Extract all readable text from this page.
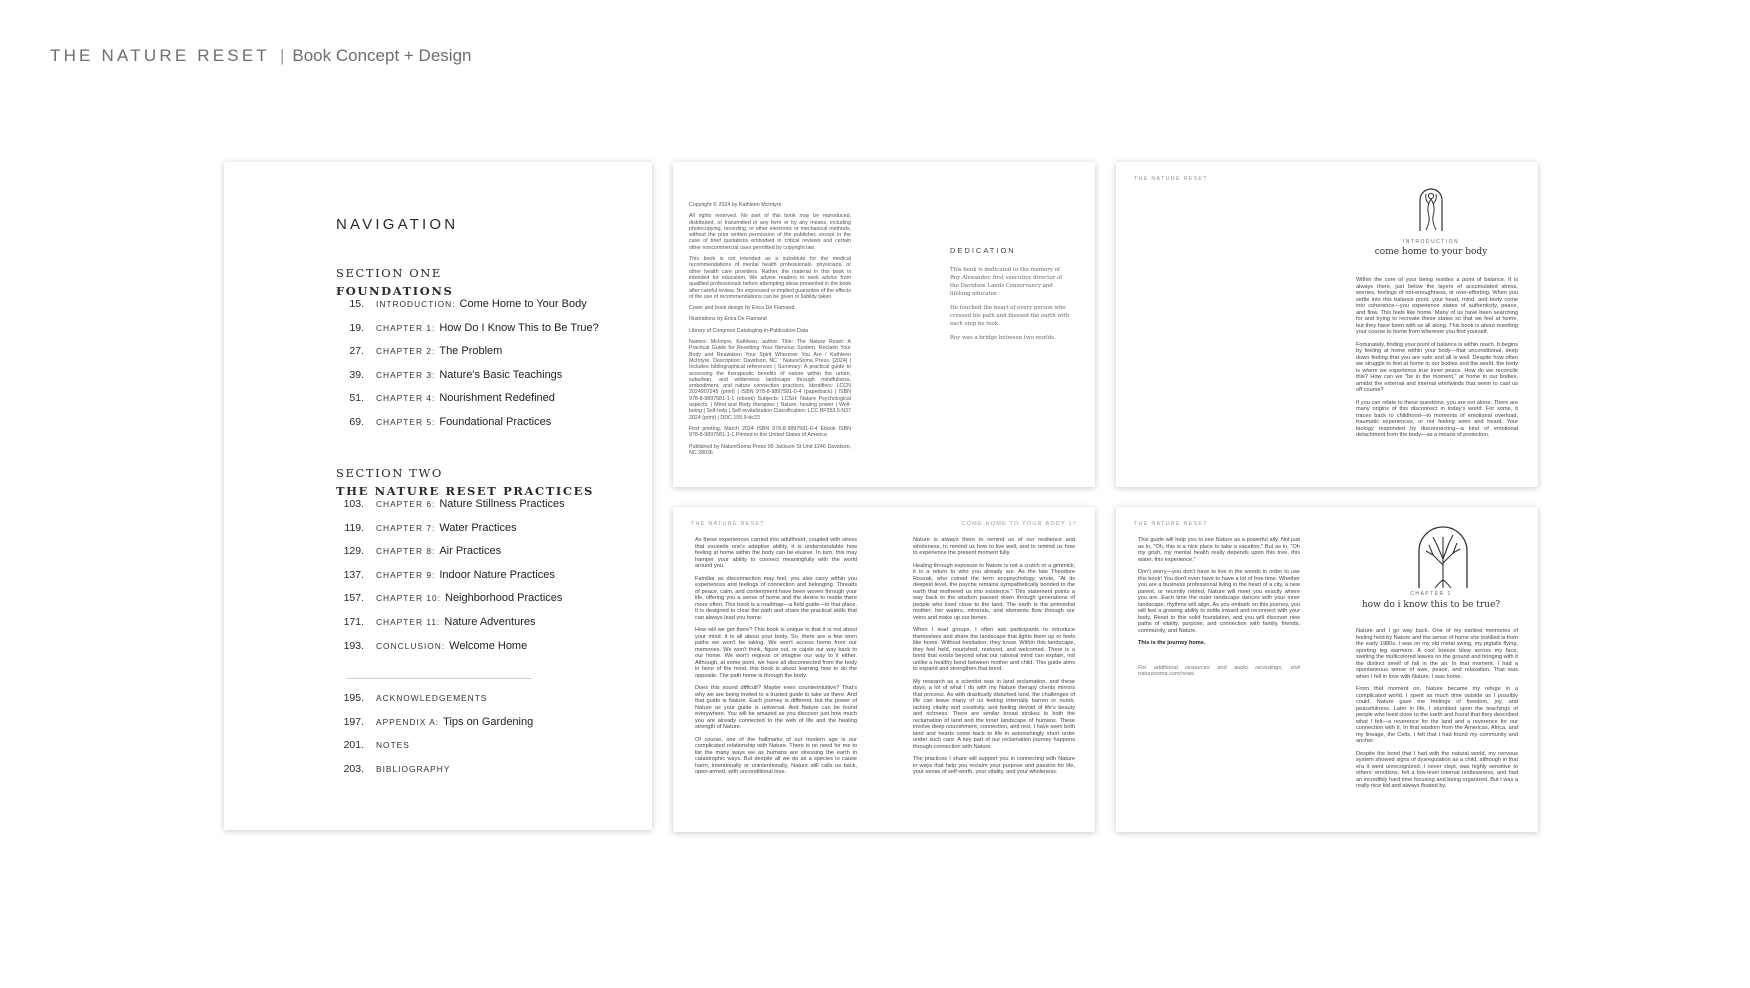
THE NATURE RESET | Book Concept + Design
NAVIGATION
SECTION ONE
FOUNDATIONS
15. INTRODUCTION: Come Home to Your Body
19. CHAPTER 1: How Do I Know This to Be True?
27. CHAPTER 2: The Problem
39. CHAPTER 3: Nature's Basic Teachings
51. CHAPTER 4: Nourishment Redefined
69. CHAPTER 5: Foundational Practices
SECTION TWO
THE NATURE RESET PRACTICES
103. CHAPTER 6: Nature Stillness Practices
119. CHAPTER 7: Water Practices
129. CHAPTER 8: Air Practices
137. CHAPTER 9: Indoor Nature Practices
157. CHAPTER 10: Neighborhood Practices
171. CHAPTER 11: Nature Adventures
193. CONCLUSION: Welcome Home
195. ACKNOWLEDGEMENTS
197. APPENDIX A: Tips on Gardening
201. NOTES
203. BIBLIOGRAPHY

Copyright © 2024 by Kathleen McIntyre

All rights reserved. No part of this book may be reproduced, distributed, or transmitted in any form or by any means, including photocopying, recording, or other electronic or mechanical methods, without the prior written permission of the publisher, except in the case of brief quotations embodied in critical reviews and certain other noncommercial uses permitted by copyright law.

This book is not intended as a substitute for the medical recommendations of mental health professionals, physicians, or other health care providers. Rather, the material in this book is intended for education. We advise readers to seek advice from qualified professionals before attempting ideas presented in the book after careful review. No expressed or implied guarantee of the effects of the use of recommendations can be given or liability taken.

Cover and book design by Erica De Flamand

Illustrations by Erica De Flamand

Library of Congress Cataloging-in-Publication Data

Names: McIntyre, Kathleen, author. Title: The Nature Reset: A Practical Guide for Resetting Your Nervous System. Reclaim Your Body and Reawaken Your Spirit Wherever You Are / Kathleen McIntyre. Description: Davidson, NC : NatureSoma Press, [2024] | Includes bibliographical references | Summary: A practical guide to accessing the therapeutic benefits of nature within the urban, suburban, and wilderness landscape through mindfulness, embodiment, and nature connection practices. Identifiers: LCCN 2024907245 (print) | ISBN 978-8-9897581-0-4 (paperback) | ISBN 978-8-9897581-1-1 (ebook) Subjects: LCSH: Nature Psychological aspects. | Mind and Body therapies | Nature, healing power | Well-being | Self-help | Self-revitalization Classification: LCC BF353.5.N37 2024 (print) | DDC 155.9-dc23

First printing, March 2024 ISBN 978-8-9897581-0-4 Ebook ISBN 978-8-9897581-1-1 Printed in the United States of America

Published by NatureSoma Press 99 Jackson St Unit 1246 Davidson, NC 28036

DEDICATION

This book is dedicated to the memory of Roy Alexander, first executive director of the Davidson Lands Conservancy and lifelong educator.

He touched the heart of every person who crossed his path and blessed the earth with each step he took.

Roy was a bridge between two worlds.

THE NATURE RESET
INTRODUCTION
come home to your body

Within the core of your being resides a point of balance. It is always there, just below the layers of accumulated stress, worries, feelings of not-enoughness, or over-efforting. When you settle into this balance point, your heart, mind, and body come into coherence—you experience states of authenticity, peace, and flow. This feels like home. Many of us have been searching for and trying to recreate these states so that we feel at home, but they have been with us all along. This book is about resetting your course to home from wherever you find yourself.

Fortunately, finding your point of balance is within reach. It begins by feeling at home within your body—that unconditional, deep down feeling that you are safe and all is well. Despite how often we struggle to feel at home in our bodies and the world, the body is where we experience true inner peace. How do we reconcile this? How can we "be in the moment," at home in our bodies, amidst the external and internal whirlwinds that seem to cast us off course?

If you can relate to these questions, you are not alone. There are many origins of this disconnect in today's world. For some, it traces back to childhood—to moments of emotional overload, traumatic experiences, or not feeling seen and heard. Your biology responded by disconnecting—a kind of emotional detachment from the body—as a means of protection.

THE NATURE RESET	COME HOME TO YOUR BODY 17

As these experiences carried into adulthood, coupled with stress that exceeds one's adaptive ability, it is understandable how feeling at home within the body can be elusive. In turn, this may hamper your ability to connect meaningfully with the world around you.

Familiar as disconnection may feel, you also carry within you experiences and feelings of connection and belonging. Threads of peace, calm, and contentment have been woven through your life, offering you a sense of home and the desire to reside there more often. This book is a roadmap—a field guide—to that place. It is designed to clear the path and share the practical skills that can always lead you home.

How will we get there? This book is unique in that it is not about your mind; it is all about your body. So, there are a few worn paths we won't be taking. We won't access home from our memories. We won't think, figure out, or cajole our way back to our home. We won't regress or imagine our way to it either. Although, at some point, we have all disconnected from the body in favor of the mind, this book is about learning how to do the opposite. The path home is through the body.

Does this sound difficult? Maybe even counterintuitive? That's why we are being invited to a trusted guide to take us there. And that guide is Nature. Each journey is different, but the power of Nature as your guide is universal. And Nature can be found everywhere. You will be amazed as you discover just how much you are already connected to the web of life and the healing strength of Nature.

Of course, one of the hallmarks of our modern age is our complicated relationship with Nature. There is no need for me to list the many ways we as humans are stressing the earth in catastrophic ways. But despite all we do as a species to cause harm, intentionally or unintentionally, Nature still calls us back, open-armed, with unconditional love.

Nature is always there to remind us of our resilience and wholeness, to remind us how to live well, and to remind us how to experience the present moment fully.

Healing through exposure to Nature is not a crutch or a gimmick; it is a return to who you already are. As the late Theodore Roszak, who coined the term ecopsychology, wrote, "At its deepest level, the psyche remains sympathetically bonded to the earth that mothered us into existence." This statement points a way back to the wisdom passed down through generations of people who lived close to the land. The earth is the primordial mother; her waters, minerals, and elements flow through our veins and make up our bones.

When I lead groups, I often ask participants to introduce themselves and share the landscape that lights them up or feels like home. Without hesitation, they know. Within this landscape, they feel held, nourished, restored, and welcomed. There is a bond that exists beyond what our rational mind can explain, not unlike a healthy bond between mother and child. This guide aims to expand and strengthen that bond.

My research as a scientist was in land reclamation, and these days, a lot of what I do with my Nature therapy clients mirrors that process. As with drastically disturbed land, the challenges of life can leave many of us feeling internally barren or numb, lacking vitality and creativity, and feeling devoid of life's beauty and richness. There are similar broad strokes to both the reclamation of land and the inner landscape of humans. These involve deep nourishment, connection, and rest. I have seen both land and hearts come back to life in astonishingly short order under such care. A key part of our reclamation journey happens through connection with Nature.

The practices I share will support you in connecting with Nature in ways that help you reclaim your purpose and passion for life, your sense of self-worth, your vitality, and your wholeness.

THE NATURE RESET

This guide will help you to see Nature as a powerful ally. Not just as in, "Oh, this is a nice place to take a vacation." But as in, "Oh my gosh, my mental health really depends upon this tree, this water, this experience."

Don't worry—you don't have to live in the woods in order to use this book! You don't even have to have a lot of free time. Whether you are a business professional living in the heart of a city, a new parent, or recently retired, Nature will meet you exactly where you are. Each time the outer landscape dances with your inner landscape, rhythms will align. As you embark on this journey, you will feel a growing ability to settle inward and reconnect with your body. Reset to this solid foundation, and you will discover new paths of vitality, purpose, and connection with family, friends, community, and Nature.

This is the journey home.

For additional resources and audio recordings, visit naturesoma.com/reset.

CHAPTER 1
how do i know this to be true?

Nature and I go way back. One of my earliest memories of feeling held by Nature and the sense of home she instilled is from the early 1980s. I was on my old metal swing, my pigtails flying, sporting leg warmers. A cool breeze blew across my face, swirling the multicolored leaves on the ground and bringing with it the distinct smell of fall in the air. In that moment, I had a spontaneous sense of awe, peace, and relaxation. That was when I fell in love with Nature. I was home.

From that moment on, Nature became my refuge in a complicated world. I spent as much time outside as I possibly could. Nature gave me feelings of freedom, joy, and peacefulness. Later in life, I stumbled upon the teachings of people who lived close to the earth and found that they described what I felt—a reverence for the land and a reverence for our connection with it. In that wisdom from the Americas, Africa, and my lineage, the Celts, I felt that I had found my community and anchor.

Despite the bond that I had with the natural world, my nervous system showed signs of dysregulation as a child, although in that era it went unrecognized. I never slept, was highly sensitive to others' emotions, felt a low-level internal restlessness, and had an incredibly hard time focusing and being organized. But I was a really nice kid and always floated by.
